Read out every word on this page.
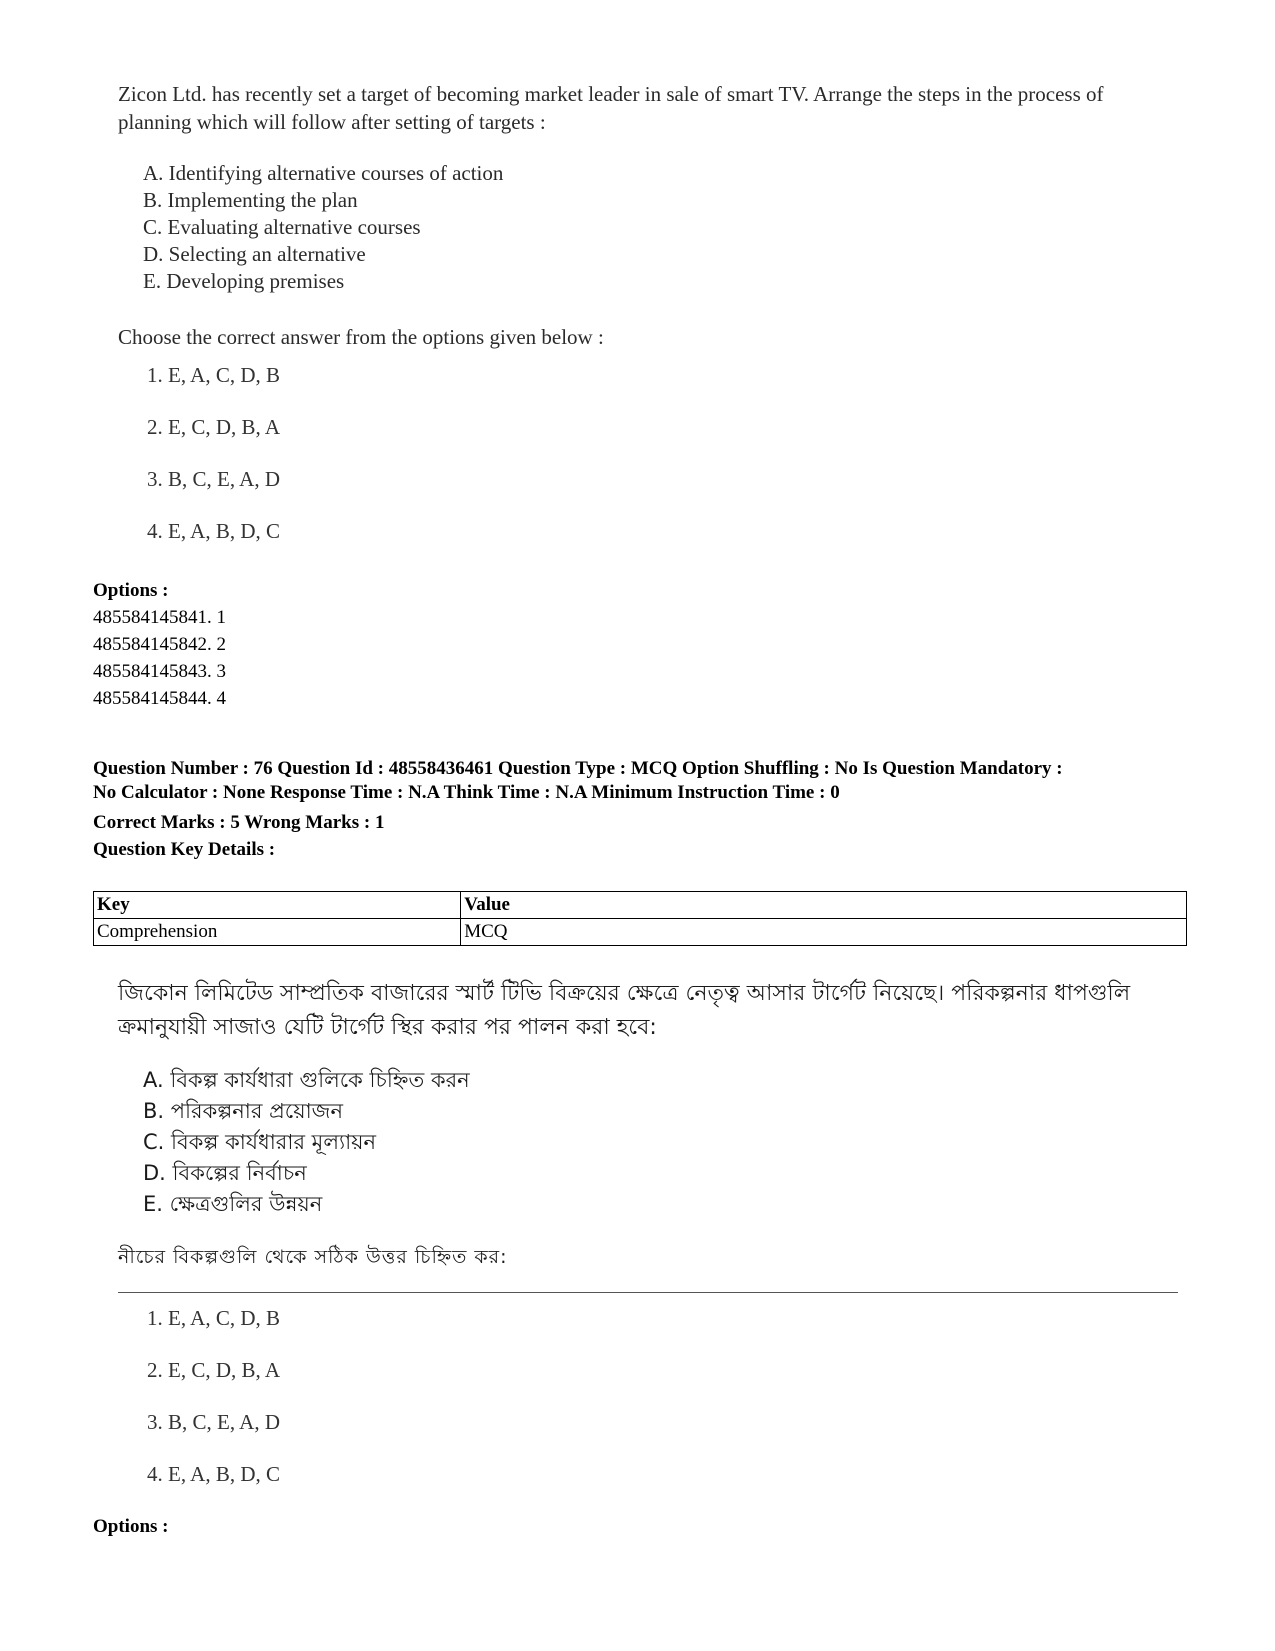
Zicon Ltd. has recently set a target of becoming market leader in sale of smart TV. Arrange the steps in the process of planning which will follow after setting of targets :
A. Identifying alternative courses of action
B. Implementing the plan
C. Evaluating alternative courses
D. Selecting an alternative
E. Developing premises
Choose the correct answer from the options given below :
1. E, A, C, D, B
2. E, C, D, B, A
3. B, C, E, A, D
4. E, A, B, D, C
Options :
485584145841. 1
485584145842. 2
485584145843. 3
485584145844. 4
Question Number : 76 Question Id : 48558436461 Question Type : MCQ Option Shuffling : No Is Question Mandatory :
No Calculator : None Response Time : N.A Think Time : N.A Minimum Instruction Time : 0
Correct Marks : 5 Wrong Marks : 1
Question Key Details :
Key	Value
Comprehension	MCQ
জিকোন লিমিটেড সাম্প্রতিক বাজারের স্মার্ট টিভি বিক্রয়ের ক্ষেত্রে নেতৃত্ব আসার টার্গেট নিয়েছে। পরিকল্পনার ধাপগুলি ক্রমানুযায়ী সাজাও যেটি টার্গেট স্থির করার পর পালন করা হবে:
A. বিকল্প কার্যধারা গুলিকে চিহ্নিত করন
B. পরিকল্পনার প্রয়োজন
C. বিকল্প কার্যধারার মূল্যায়ন
D. বিকল্পের নির্বাচন
E. ক্ষেত্রগুলির উন্নয়ন
নীচের বিকল্পগুলি থেকে সঠিক উত্তর চিহ্নিত কর:
1. E, A, C, D, B
2. E, C, D, B, A
3. B, C, E, A, D
4. E, A, B, D, C
Options :
